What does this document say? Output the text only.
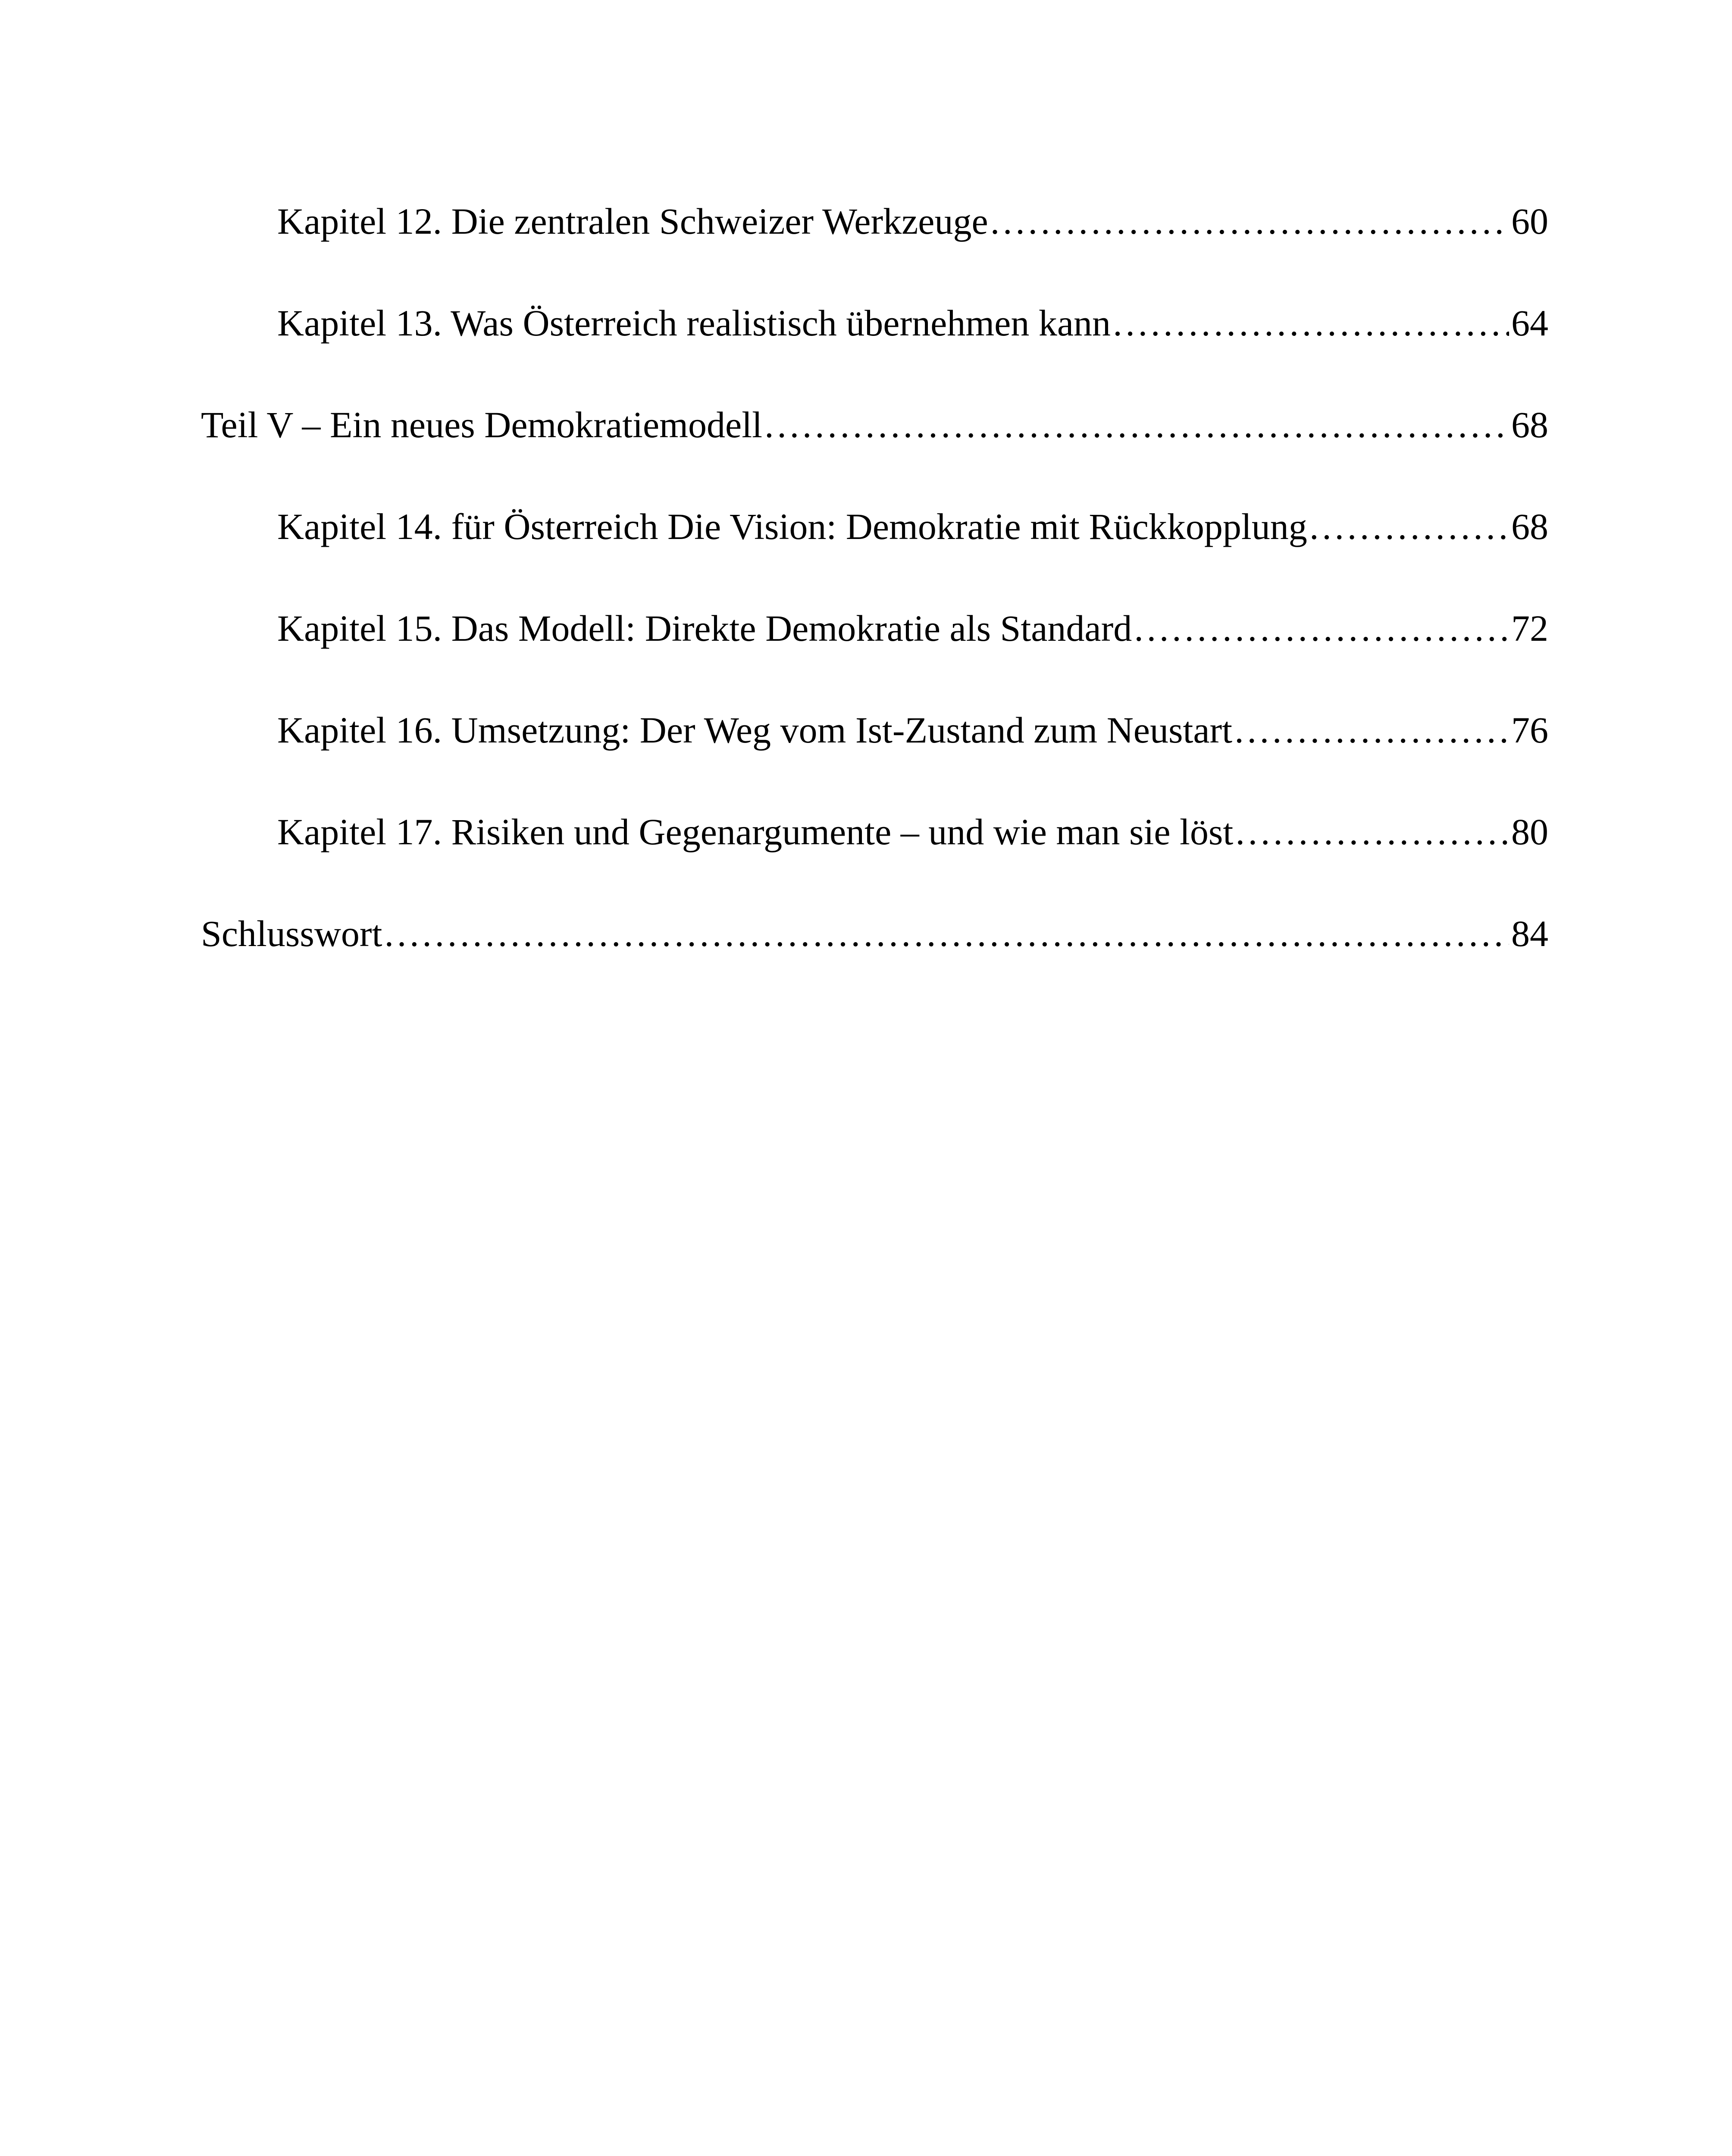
Kapitel 12. Die zentralen Schweizer Werkzeuge .....	60
Kapitel 13. Was Österreich realistisch übernehmen kann .....	64
Teil V – Ein neues Demokratiemodell .....	68
Kapitel 14. für Österreich Die Vision: Demokratie mit Rückkopplung .....	68
Kapitel 15. Das Modell: Direkte Demokratie als Standard .....	72
Kapitel 16. Umsetzung: Der Weg vom Ist-Zustand zum Neustart .....	76
Kapitel 17. Risiken und Gegenargumente – und wie man sie löst .....	80
Schlusswort .....	84
